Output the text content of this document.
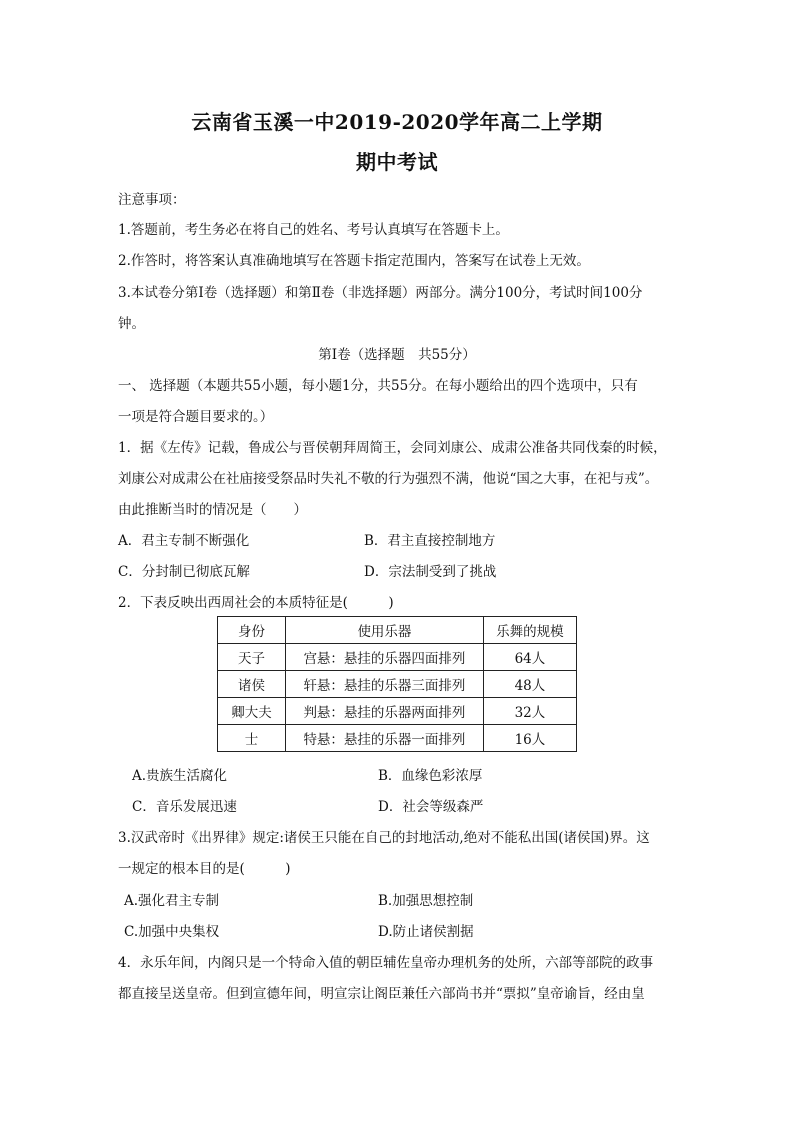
云南省玉溪一中2019-2020学年高二上学期
期中考试
注意事项：
1.答题前，考生务必在将自己的姓名、考号认真填写在答题卡上。
2.作答时，将答案认真准确地填写在答题卡指定范围内，答案写在试卷上无效。
3.本试卷分第Ⅰ卷（选择题）和第Ⅱ卷（非选择题）两部分。满分100分，考试时间100分
钟。
第Ⅰ卷（选择题　共55分）
一、 选择题（本题共55小题，每小题1分，共55分。在每小题给出的四个选项中，只有
一项是符合题目要求的。）
1．据《左传》记载，鲁成公与晋侯朝拜周简王，会同刘康公、成肃公准备共同伐秦的时候，
刘康公对成肃公在社庙接受祭品时失礼不敬的行为强烈不满，他说“国之大事，在祀与戎”。
由此推断当时的情况是（　　）
A．君主专制不断强化	B．君主直接控制地方
C．分封制已彻底瓦解	D．宗法制受到了挑战
2．下表反映出西周社会的本质特征是(　　　)
身份	使用乐器	乐舞的规模
天子	宫悬：悬挂的乐器四面排列	64人
诸侯	轩悬：悬挂的乐器三面排列	48人
卿大夫	判悬：悬挂的乐器两面排列	32人
士	特悬：悬挂的乐器一面排列	16人
A.贵族生活腐化	B．血缘色彩浓厚
C．音乐发展迅速	D．社会等级森严
3.汉武帝时《出界律》规定:诸侯王只能在自己的封地活动,绝对不能私出国(诸侯国)界。这
一规定的根本目的是(　　　)
A.强化君主专制	B.加强思想控制
C.加强中央集权	D.防止诸侯割据
4．永乐年间，内阁只是一个特命入值的朝臣辅佐皇帝办理机务的处所，六部等部院的政事
都直接呈送皇帝。但到宣德年间，明宣宗让阁臣兼任六部尚书并“票拟”皇帝谕旨，经由皇
